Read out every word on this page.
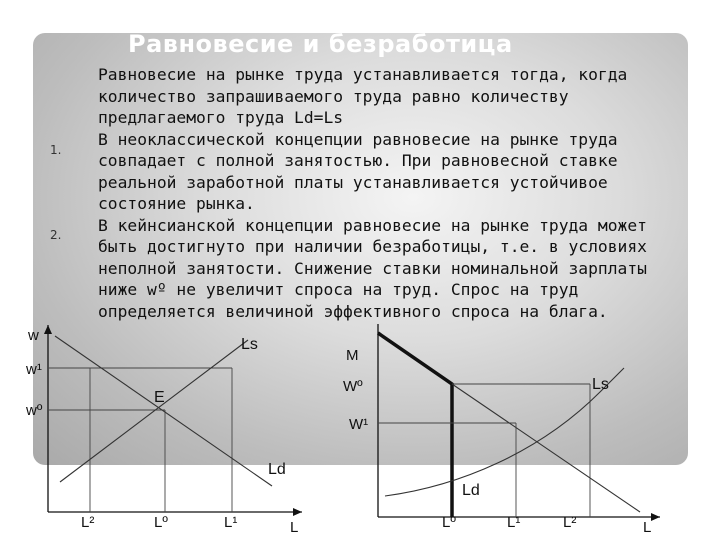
Равновесие и безработица
1.
2.
Равновесие на рынке труда устанавливается тогда, когда
количество запрашиваемого труда равно количеству
предлагаемого труда Ld=Ls
В неоклассической концепции равновесие на рынке труда
совпадает с полной занятостью. При равновесной ставке
реальной заработной платы устанавливается устойчивое
состояние рынка.
В кейнсианской концепции равновесие на рынке труда может
быть достигнуто при наличии безработицы, т.е. в условиях
неполной занятости. Снижение ставки номинальной зарплаты
ниже wº не увеличит спроса на труд. Спрос на труд
определяется величиной эффективного спроса на блага.
w
w¹
wº
Ls
E
Ld
L²	Lº	L¹	L
M
Wº
W¹
Ls
Ld
Lº	L¹	L²	L
